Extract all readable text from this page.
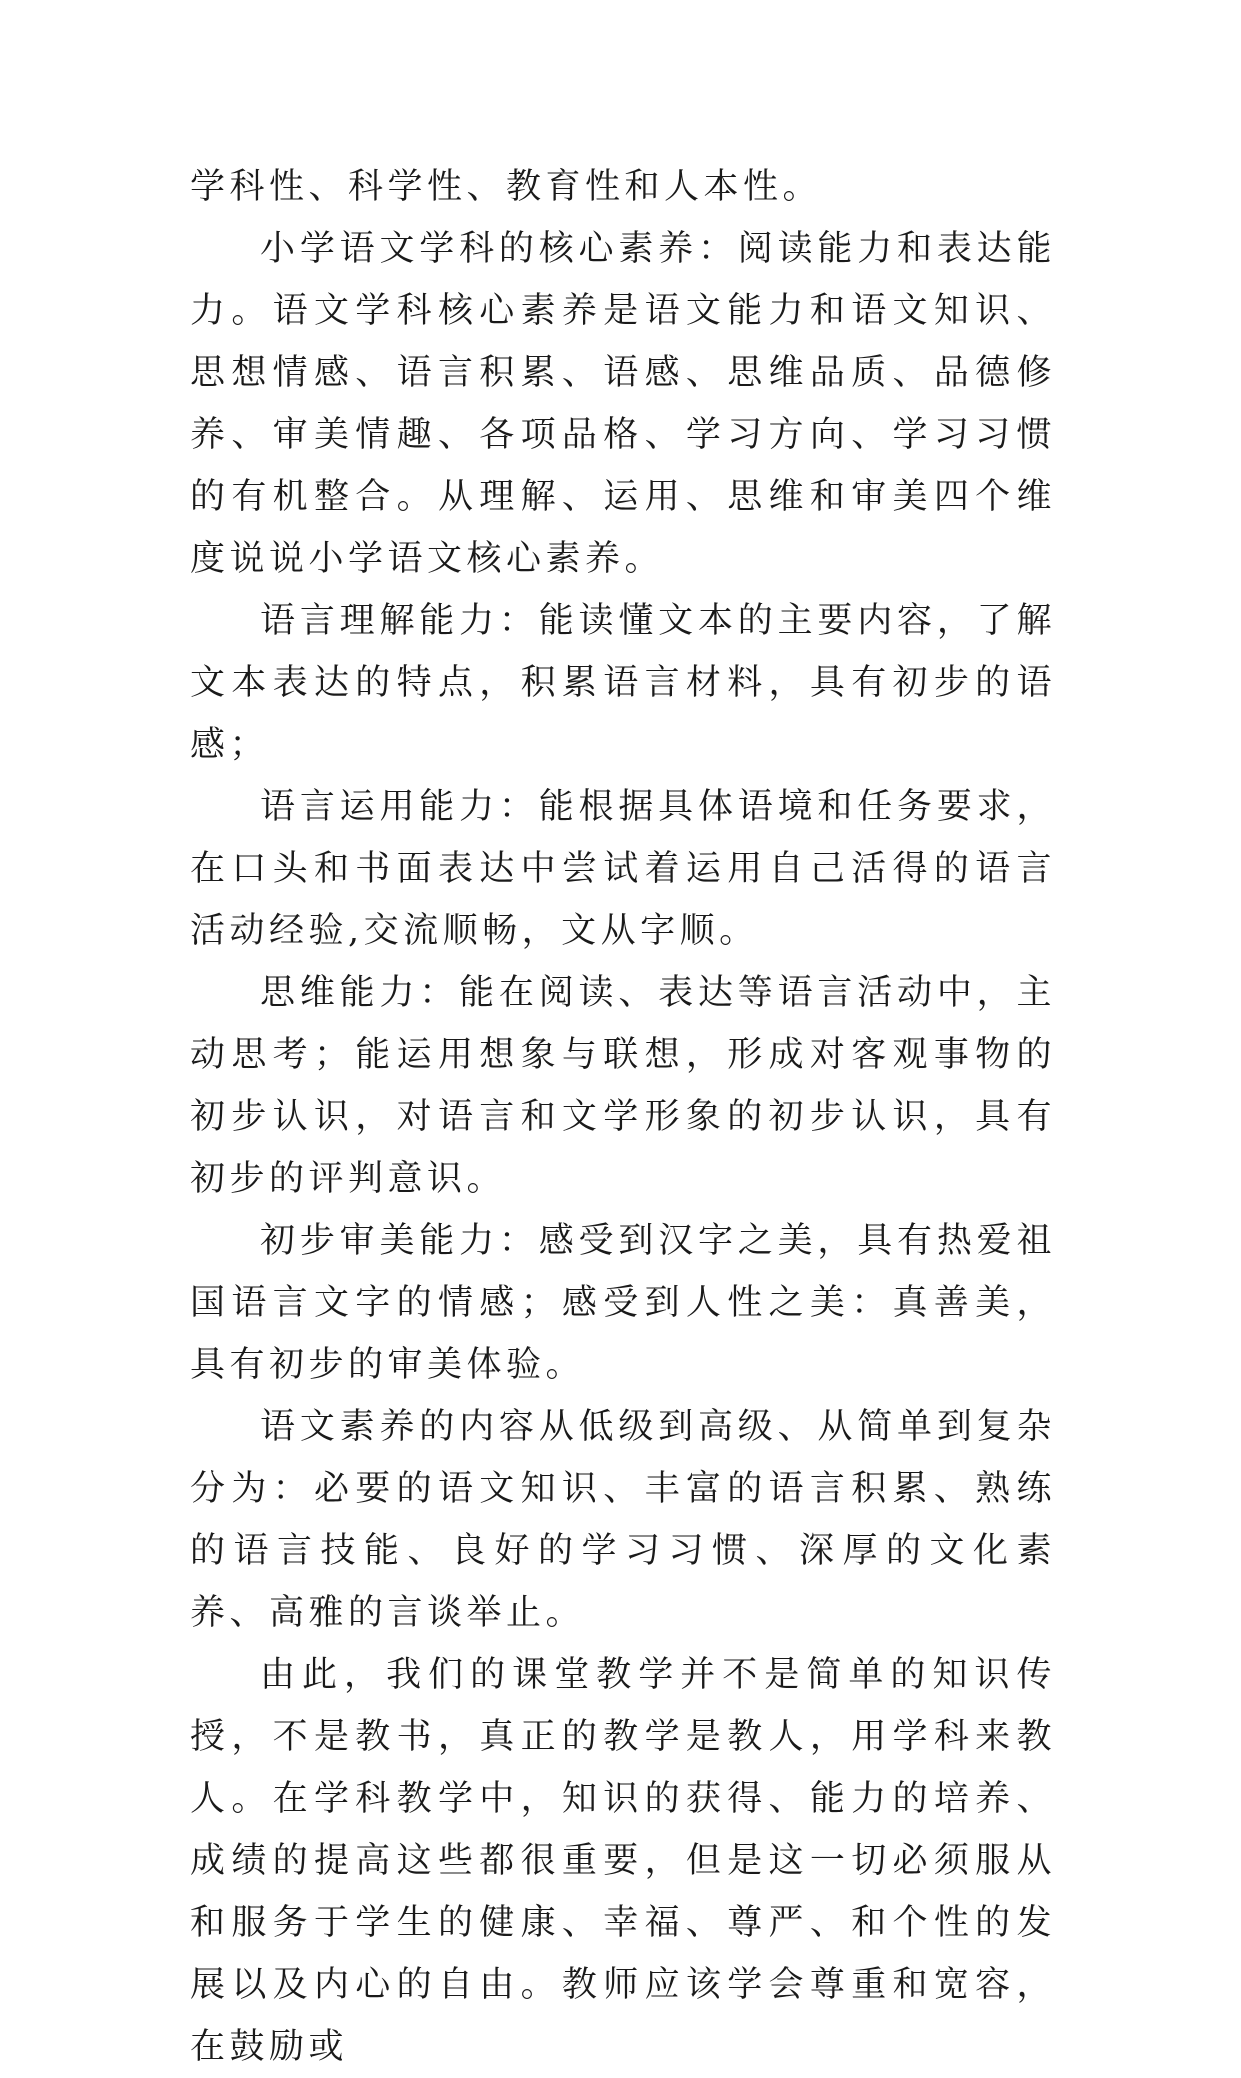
学科性、科学性、教育性和人本性。

小学语文学科的核心素养：阅读能力和表达能力。语文学科核心素养是语文能力和语文知识、思想情感、语言积累、语感、思维品质、品德修养、审美情趣、各项品格、学习方向、学习习惯的有机整合。从理解、运用、思维和审美四个维度说说小学语文核心素养。

语言理解能力：能读懂文本的主要内容，了解文本表达的特点，积累语言材料，具有初步的语感；

语言运用能力：能根据具体语境和任务要求，在口头和书面表达中尝试着运用自己活得的语言活动经验,交流顺畅，文从字顺。

思维能力：能在阅读、表达等语言活动中，主动思考；能运用想象与联想，形成对客观事物的初步认识，对语言和文学形象的初步认识，具有初步的评判意识。

初步审美能力：感受到汉字之美，具有热爱祖国语言文字的情感；感受到人性之美：真善美，具有初步的审美体验。

语文素养的内容从低级到高级、从简单到复杂分为：必要的语文知识、丰富的语言积累、熟练的语言技能、良好的学习习惯、深厚的文化素养、高雅的言谈举止。

由此，我们的课堂教学并不是简单的知识传授，不是教书，真正的教学是教人，用学科来教人。在学科教学中，知识的获得、能力的培养、成绩的提高这些都很重要，但是这一切必须服从和服务于学生的健康、幸福、尊严、和个性的发展以及内心的自由。教师应该学会尊重和宽容，在鼓励或
